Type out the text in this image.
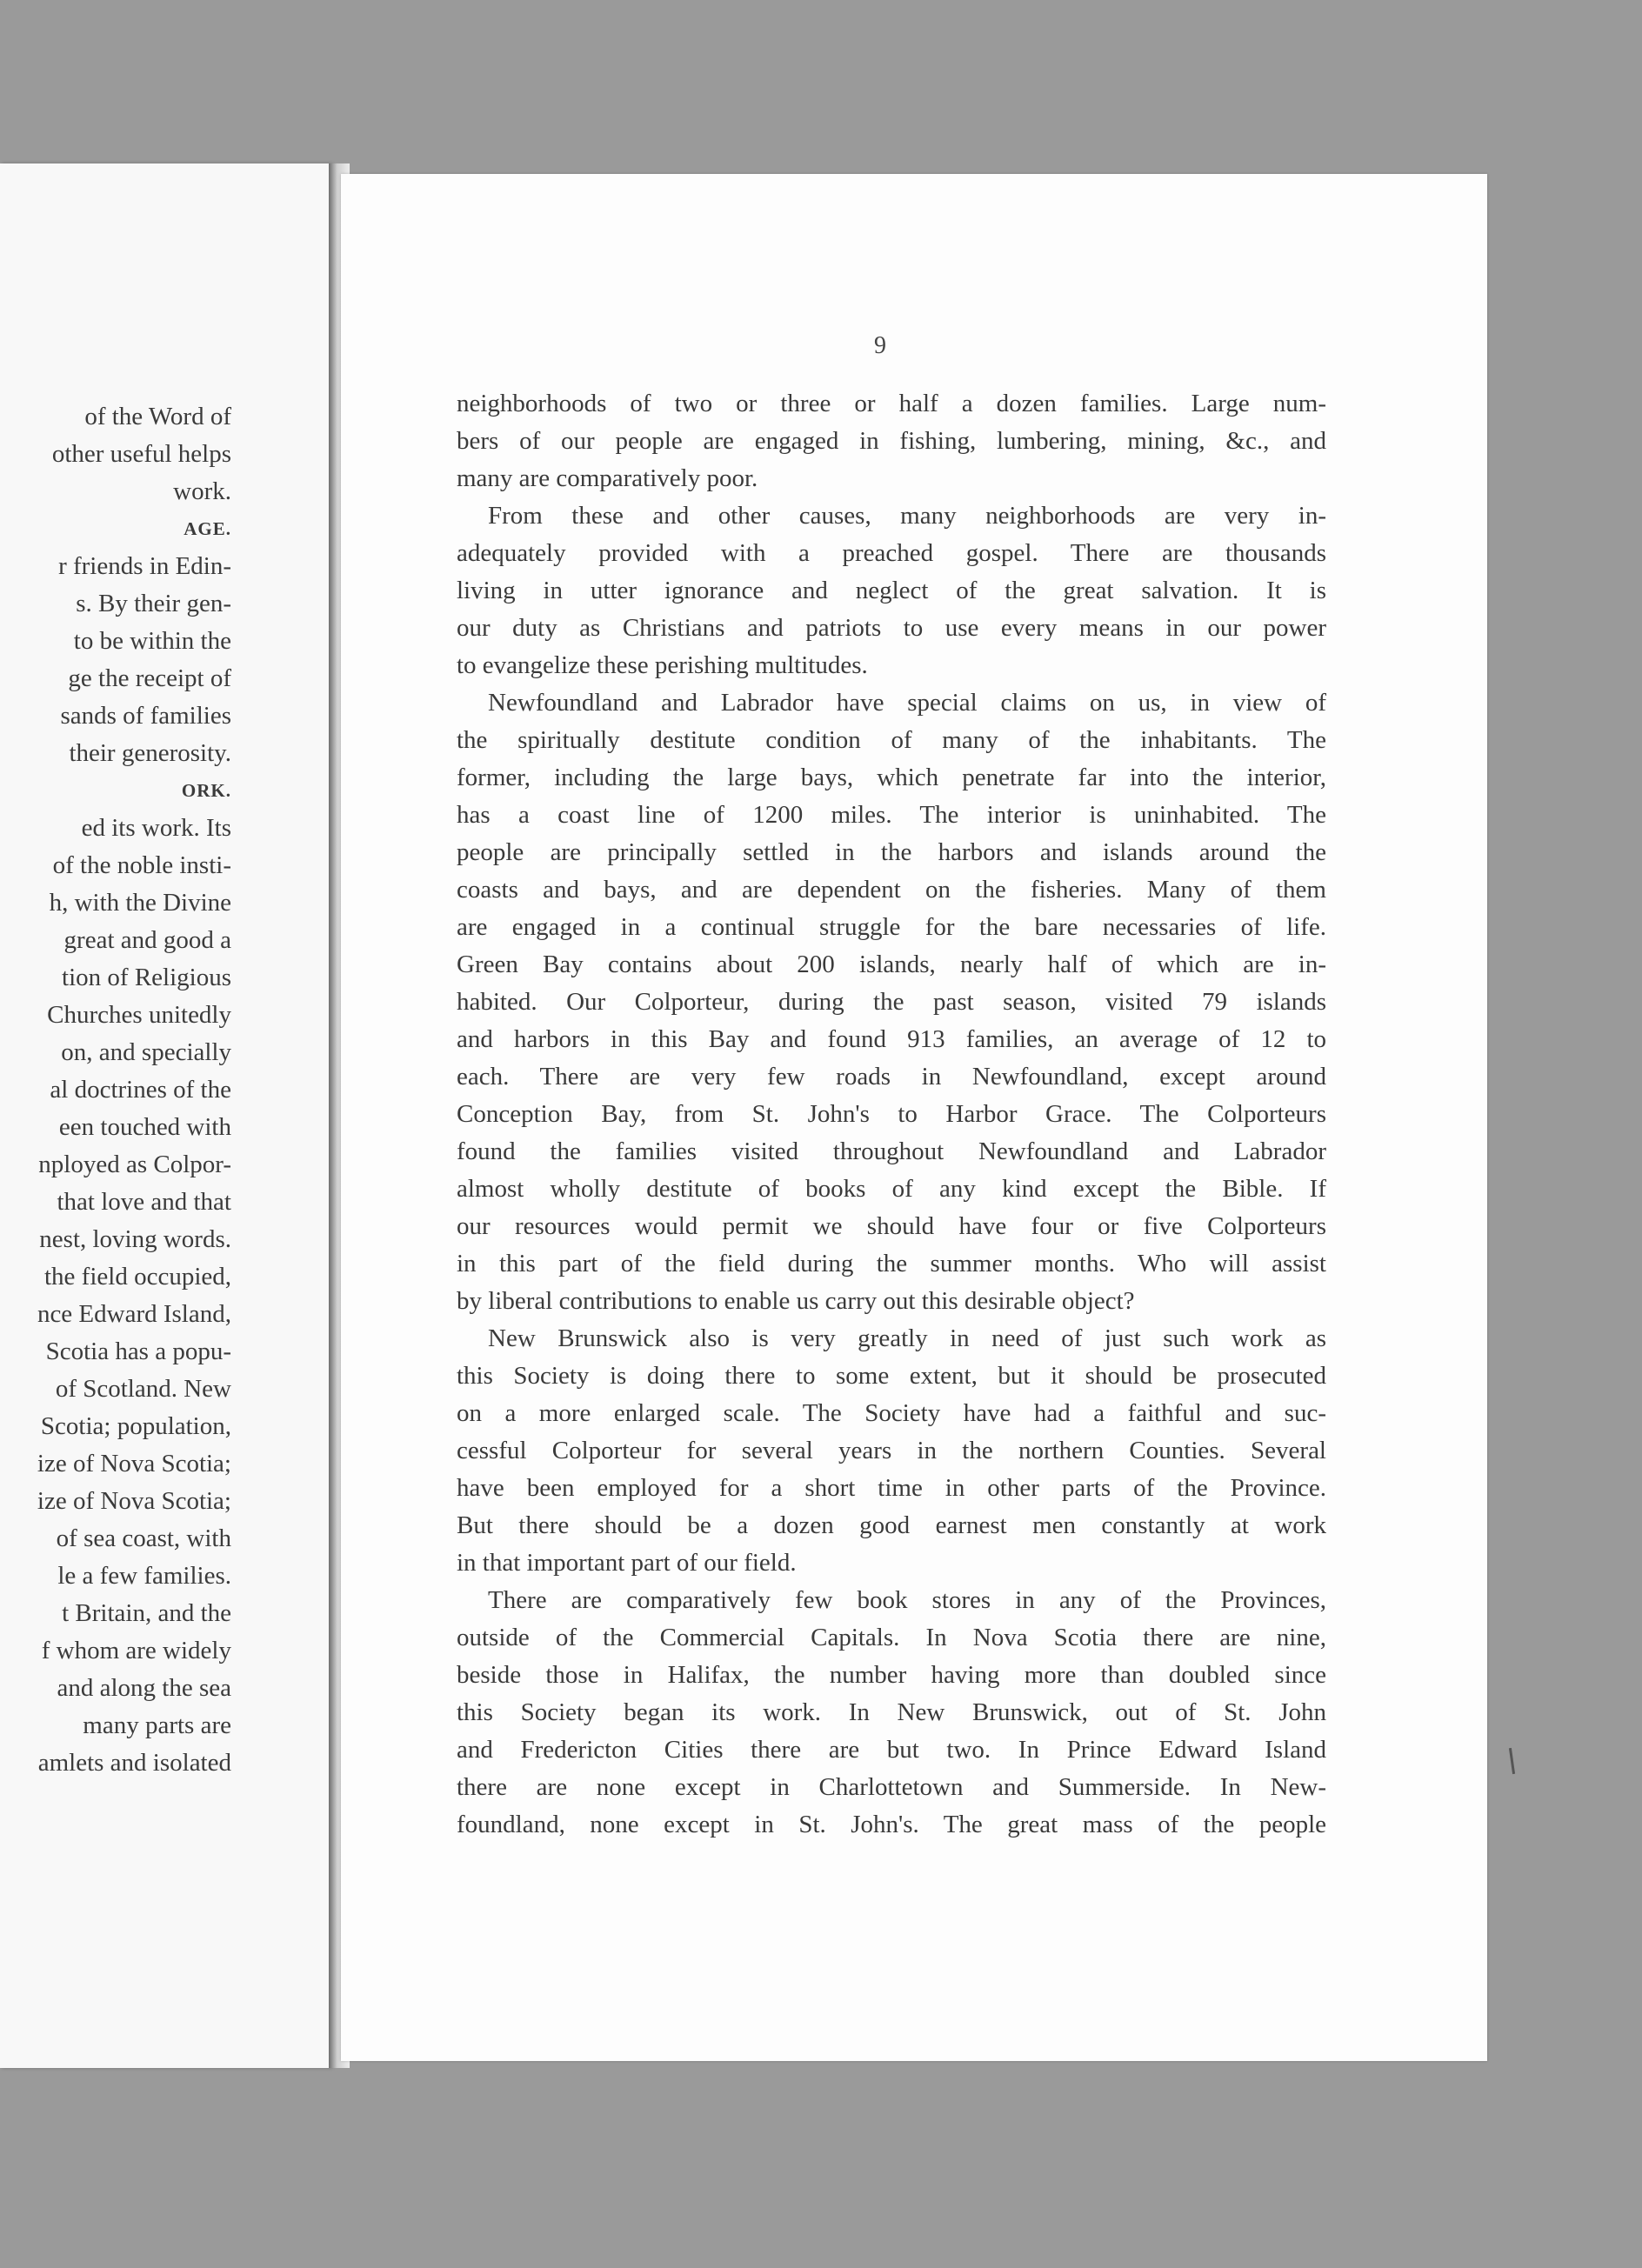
of the Word of
other useful helps
work.
AGE.
r friends in Edin-
s. By their gen-
to be within the
ge the receipt of
sands of families
their generosity.
ORK.
ed its work. Its
of the noble insti-
h, with the Divine
great and good a
tion of Religious
Churches unitedly
on, and specially
al doctrines of the
een touched with
nployed as Colpor-
that love and that
nest, loving words.
the field occupied,
nce Edward Island,
Scotia has a popu-
of Scotland. New
Scotia; population,
ize of Nova Scotia;
ize of Nova Scotia;
of sea coast, with
le a few families.
t Britain, and the
f whom are widely
and along the sea
many parts are
amlets and isolated
9
neighborhoods of two or three or half a dozen families. Large num-
bers of our people are engaged in fishing, lumbering, mining, &c., and
many are comparatively poor.
From these and other causes, many neighborhoods are very in-
adequately provided with a preached gospel. There are thousands
living in utter ignorance and neglect of the great salvation. It is
our duty as Christians and patriots to use every means in our power
to evangelize these perishing multitudes.
Newfoundland and Labrador have special claims on us, in view of
the spiritually destitute condition of many of the inhabitants. The
former, including the large bays, which penetrate far into the interior,
has a coast line of 1200 miles. The interior is uninhabited. The
people are principally settled in the harbors and islands around the
coasts and bays, and are dependent on the fisheries. Many of them
are engaged in a continual struggle for the bare necessaries of life.
Green Bay contains about 200 islands, nearly half of which are in-
habited. Our Colporteur, during the past season, visited 79 islands
and harbors in this Bay and found 913 families, an average of 12 to
each. There are very few roads in Newfoundland, except around
Conception Bay, from St. John's to Harbor Grace. The Colporteurs
found the families visited throughout Newfoundland and Labrador
almost wholly destitute of books of any kind except the Bible. If
our resources would permit we should have four or five Colporteurs
in this part of the field during the summer months. Who will assist
by liberal contributions to enable us carry out this desirable object?
New Brunswick also is very greatly in need of just such work as
this Society is doing there to some extent, but it should be prosecuted
on a more enlarged scale. The Society have had a faithful and suc-
cessful Colporteur for several years in the northern Counties. Several
have been employed for a short time in other parts of the Province.
But there should be a dozen good earnest men constantly at work
in that important part of our field.
There are comparatively few book stores in any of the Provinces,
outside of the Commercial Capitals. In Nova Scotia there are nine,
beside those in Halifax, the number having more than doubled since
this Society began its work. In New Brunswick, out of St. John
and Fredericton Cities there are but two. In Prince Edward Island
there are none except in Charlottetown and Summerside. In New-
foundland, none except in St. John's. The great mass of the people
